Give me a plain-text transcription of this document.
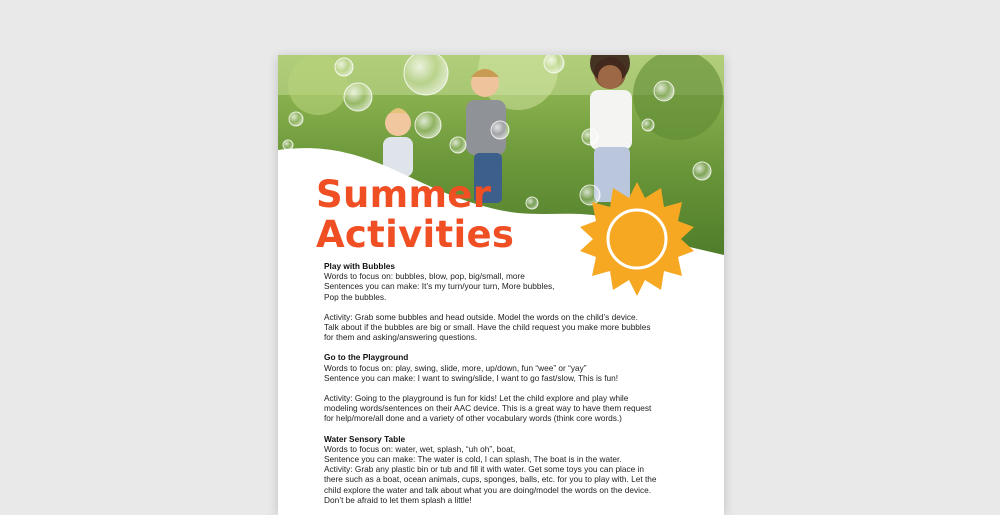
Summer
Activities
Play with Bubbles
Words to focus on: bubbles, blow, pop, big/small, more
Sentences you can make: It’s my turn/your turn, More bubbles,
Pop the bubbles.
Activity: Grab some bubbles and head outside. Model the words on the child’s device.
Talk about if the bubbles are big or small. Have the child request you make more bubbles
for them and asking/answering questions.
Go to the Playground
Words to focus on: play, swing, slide, more, up/down, fun “wee” or “yay”
Sentence you can make: I want to swing/slide, I want to go fast/slow, This is fun!
Activity: Going to the playground is fun for kids! Let the child explore and play while
modeling words/sentences on their AAC device. This is a great way to have them request
for help/more/all done and a variety of other vocabulary words (think core words.)
Water Sensory Table
Words to focus on: water, wet, splash, “uh oh”, boat,
Sentence you can make: The water is cold, I can splash, The boat is in the water.
Activity: Grab any plastic bin or tub and fill it with water. Get some toys you can place in
there such as a boat, ocean animals, cups, sponges, balls, etc. for you to play with. Let the
child explore the water and talk about what you are doing/model the words on the device.
Don’t be afraid to let them splash a little!
